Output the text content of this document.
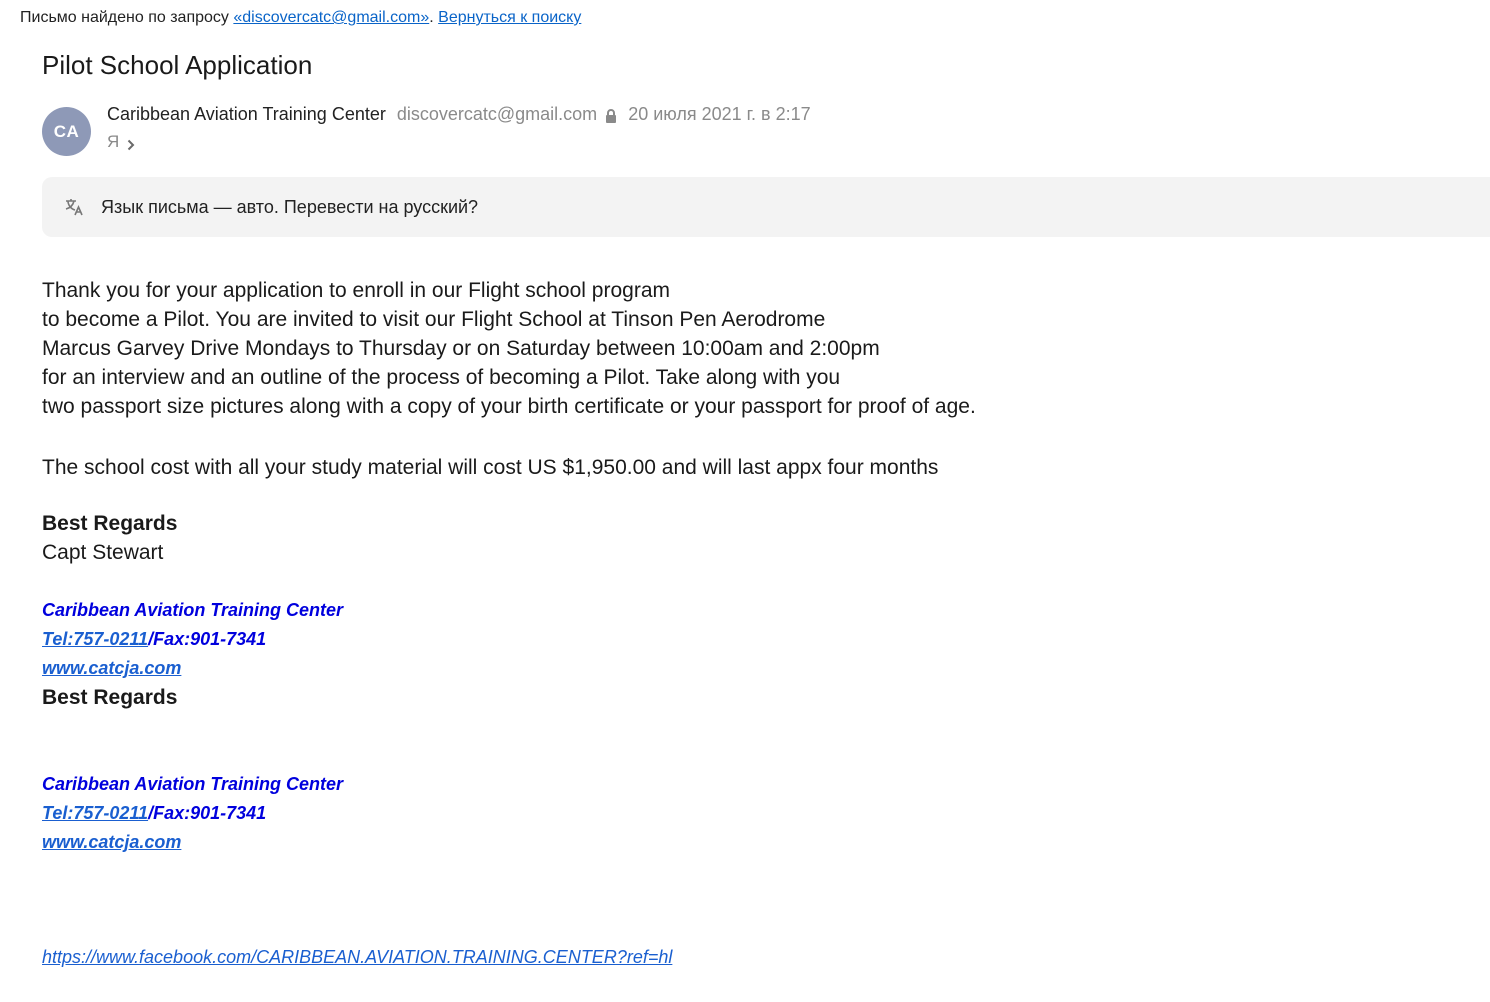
Письмо найдено по запросу «discovercatc@gmail.com». Вернуться к поиску
Pilot School Application
CA
Caribbean Aviation Training Center discovercatc@gmail.com 20 июля 2021 г. в 2:17
Я
Язык письма — авто. Перевести на русский?

Thank you for your application to enroll in our Flight school program

to become a Pilot. You are invited to visit our Flight School at Tinson Pen Aerodrome

Marcus Garvey Drive Mondays to Thursday or on Saturday between 10:00am and 2:00pm

for an interview and an outline of the process of becoming a Pilot. Take along with you

two passport size pictures along with a copy of your birth certificate or your passport for proof of age.

The school cost with all your study material will cost US $1,950.00 and will last appx four months

Best Regards

Capt Stewart

Caribbean Aviation Training Center
Tel:757-0211/Fax:901-7341
www.catcja.com

Best Regards

Caribbean Aviation Training Center
Tel:757-0211/Fax:901-7341
www.catcja.com
https://www.facebook.com/CARIBBEAN.AVIATION.TRAINING.CENTER?ref=hl
